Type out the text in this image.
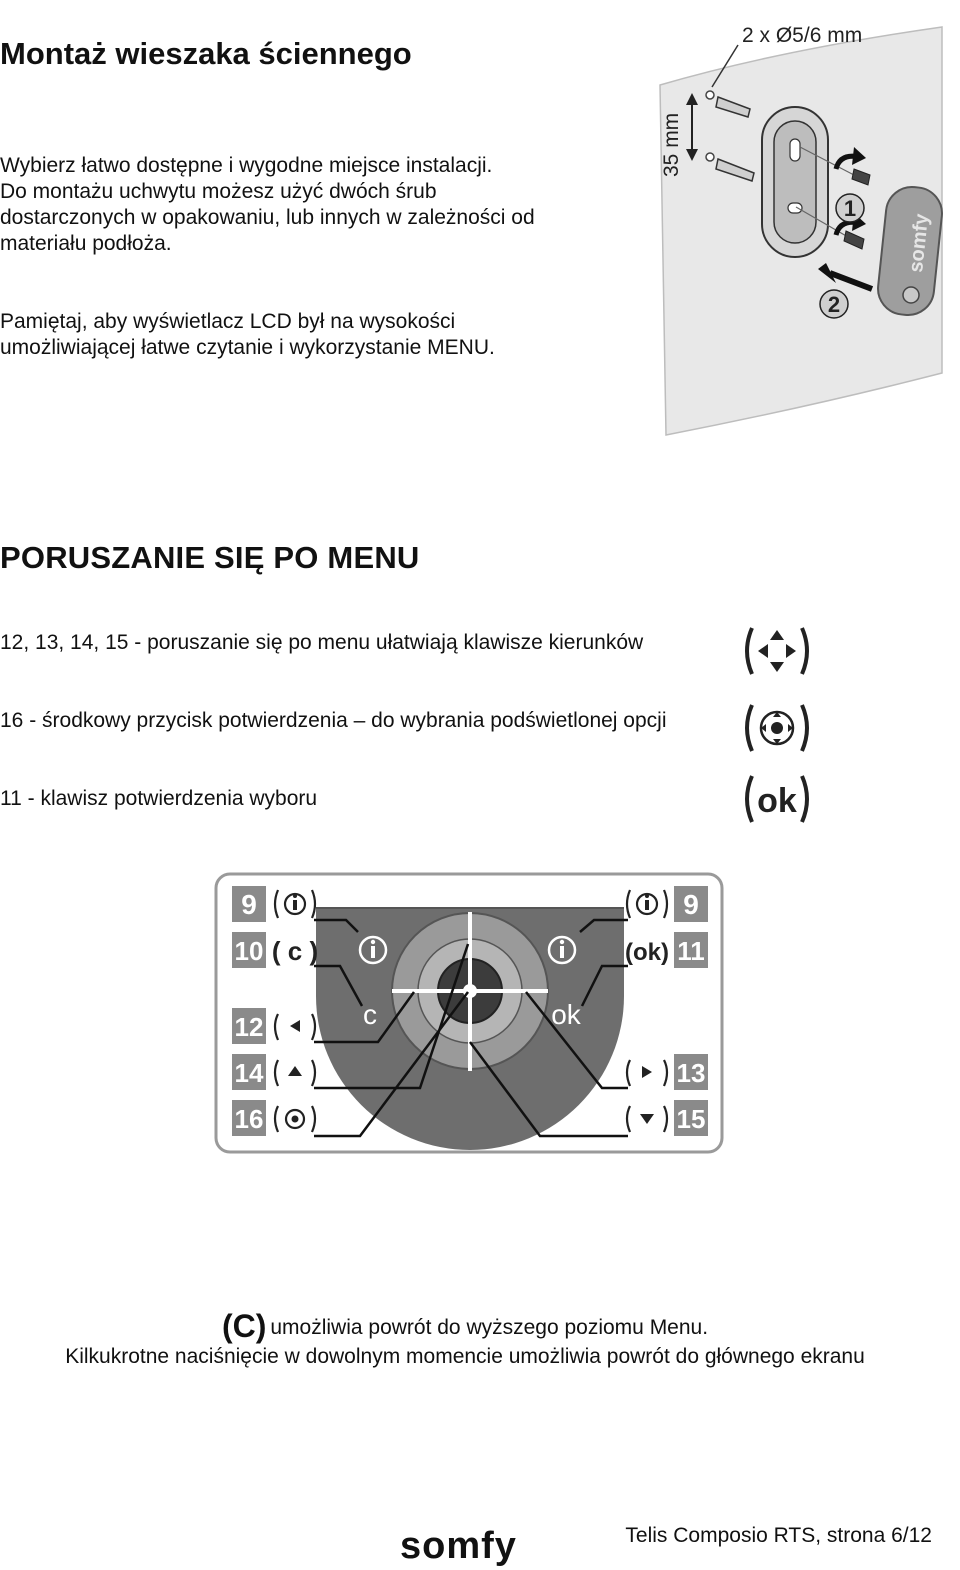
Montaż wieszaka ściennego
Wybierz łatwo dostępne i wygodne miejsce instalacji.
Do montażu uchwytu możesz użyć dwóch śrub
dostarczonych w opakowaniu, lub innych w zależności od
materiału podłoża.
Pamiętaj, aby wyświetlacz LCD był na wysokości
umożliwiającej łatwe czytanie i wykorzystanie MENU.
2 x Ø5/6 mm
35 mm
1
2
somfy
PORUSZANIE SIĘ PO MENU
12, 13, 14, 15 - poruszanie się po menu ułatwiają klawisze kierunków
16 - środkowy przycisk potwierdzenia – do wybrania podświetlonej opcji
11 - klawisz potwierdzenia wyboru	ok
c	ok
9
10
12
14
16
9
11
13
15
( c )	(ok)
(C) umożliwia powrót do wyższego poziomu Menu.
Kilkukrotne naciśnięcie w dowolnym momencie umożliwia powrót do głównego ekranu
somfy	Telis Composio RTS, strona 6/12
